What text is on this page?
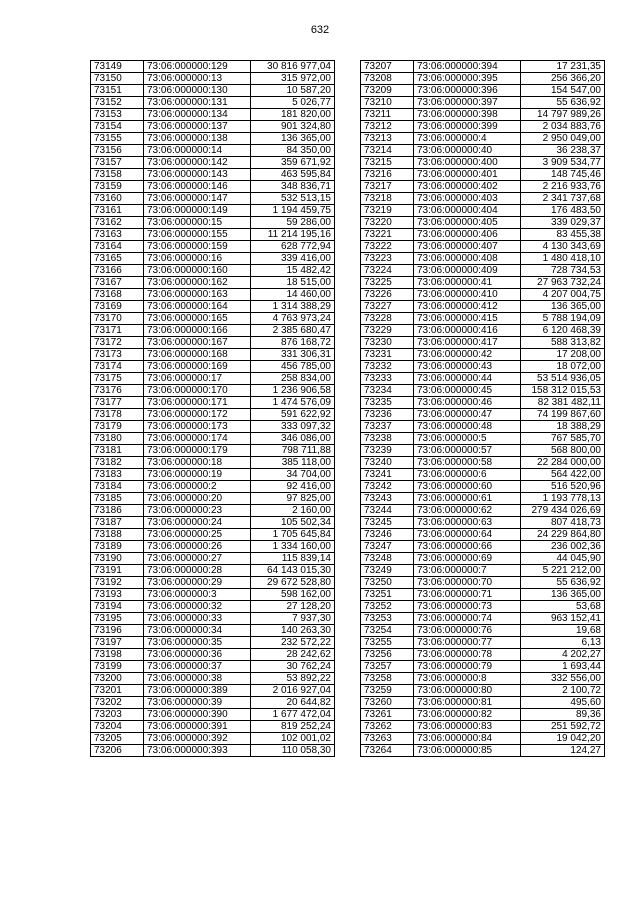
632
73149	73:06:000000:129	30 816 977,04
73150	73:06:000000:13	315 972,00
73151	73:06:000000:130	10 587,20
73152	73:06:000000:131	5 026,77
73153	73:06:000000:134	181 820,00
73154	73:06:000000:137	901 324,80
73155	73:06:000000:138	136 365,00
73156	73:06:000000:14	84 350,00
73157	73:06:000000:142	359 671,92
73158	73:06:000000:143	463 595,84
73159	73:06:000000:146	348 836,71
73160	73:06:000000:147	532 513,15
73161	73:06:000000:149	1 194 459,75
73162	73:06:000000:15	59 286,00
73163	73:06:000000:155	11 214 195,16
73164	73:06:000000:159	628 772,94
73165	73:06:000000:16	339 416,00
73166	73:06:000000:160	15 482,42
73167	73:06:000000:162	18 515,00
73168	73:06:000000:163	14 460,00
73169	73:06:000000:164	1 314 388,29
73170	73:06:000000:165	4 763 973,24
73171	73:06:000000:166	2 385 680,47
73172	73:06:000000:167	876 168,72
73173	73:06:000000:168	331 306,31
73174	73:06:000000:169	456 785,00
73175	73:06:000000:17	258 834,00
73176	73:06:000000:170	1 236 906,58
73177	73:06:000000:171	1 474 576,09
73178	73:06:000000:172	591 622,92
73179	73:06:000000:173	333 097,32
73180	73:06:000000:174	346 086,00
73181	73:06:000000:179	798 711,88
73182	73:06:000000:18	385 118,00
73183	73:06:000000:19	34 704,00
73184	73:06:000000:2	92 416,00
73185	73:06:000000:20	97 825,00
73186	73:06:000000:23	2 160,00
73187	73:06:000000:24	105 502,34
73188	73:06:000000:25	1 705 645,84
73189	73:06:000000:26	1 334 160,00
73190	73:06:000000:27	115 839,14
73191	73:06:000000:28	64 143 015,30
73192	73:06:000000:29	29 672 528,80
73193	73:06:000000:3	598 162,00
73194	73:06:000000:32	27 128,20
73195	73:06:000000:33	7 937,30
73196	73:06:000000:34	140 263,30
73197	73:06:000000:35	232 572,22
73198	73:06:000000:36	28 242,62
73199	73:06:000000:37	30 762,24
73200	73:06:000000:38	53 892,22
73201	73:06:000000:389	2 016 927,04
73202	73:06:000000:39	20 644,82
73203	73:06:000000:390	1 677 472,04
73204	73:06:000000:391	819 252,24
73205	73:06:000000:392	102 001,02
73206	73:06:000000:393	110 058,30
73207	73:06:000000:394	17 231,35
73208	73:06:000000:395	256 366,20
73209	73:06:000000:396	154 547,00
73210	73:06:000000:397	55 636,92
73211	73:06:000000:398	14 797 989,26
73212	73:06:000000:399	2 034 883,76
73213	73:06:000000:4	2 950 049,00
73214	73:06:000000:40	36 238,37
73215	73:06:000000:400	3 909 534,77
73216	73:06:000000:401	148 745,46
73217	73:06:000000:402	2 216 933,76
73218	73:06:000000:403	2 341 737,68
73219	73:06:000000:404	176 483,50
73220	73:06:000000:405	339 029,37
73221	73:06:000000:406	83 455,38
73222	73:06:000000:407	4 130 343,69
73223	73:06:000000:408	1 480 418,10
73224	73:06:000000:409	728 734,53
73225	73:06:000000:41	27 963 732,24
73226	73:06:000000:410	4 207 004,75
73227	73:06:000000:412	136 365,00
73228	73:06:000000:415	5 788 194,09
73229	73:06:000000:416	6 120 468,39
73230	73:06:000000:417	588 313,82
73231	73:06:000000:42	17 208,00
73232	73:06:000000:43	18 072,00
73233	73:06:000000:44	53 514 936,05
73234	73:06:000000:45	158 312 015,53
73235	73:06:000000:46	82 381 482,11
73236	73:06:000000:47	74 199 867,60
73237	73:06:000000:48	18 388,29
73238	73:06:000000:5	767 585,70
73239	73:06:000000:57	568 800,00
73240	73:06:000000:58	22 284 000,00
73241	73:06:000000:6	564 422,00
73242	73:06:000000:60	516 520,96
73243	73:06:000000:61	1 193 778,13
73244	73:06:000000:62	279 434 026,69
73245	73:06:000000:63	807 418,73
73246	73:06:000000:64	24 229 864,80
73247	73:06:000000:66	236 002,36
73248	73:06:000000:69	44 045,90
73249	73:06:000000:7	5 221 212,00
73250	73:06:000000:70	55 636,92
73251	73:06:000000:71	136 365,00
73252	73:06:000000:73	53,68
73253	73:06:000000:74	963 152,41
73254	73:06:000000:76	19,68
73255	73:06:000000:77	6,13
73256	73:06:000000:78	4 202,27
73257	73:06:000000:79	1 693,44
73258	73:06:000000:8	332 556,00
73259	73:06:000000:80	2 100,72
73260	73:06:000000:81	495,60
73261	73:06:000000:82	89,36
73262	73:06:000000:83	251 592,72
73263	73:06:000000:84	19 042,20
73264	73:06:000000:85	124,27
